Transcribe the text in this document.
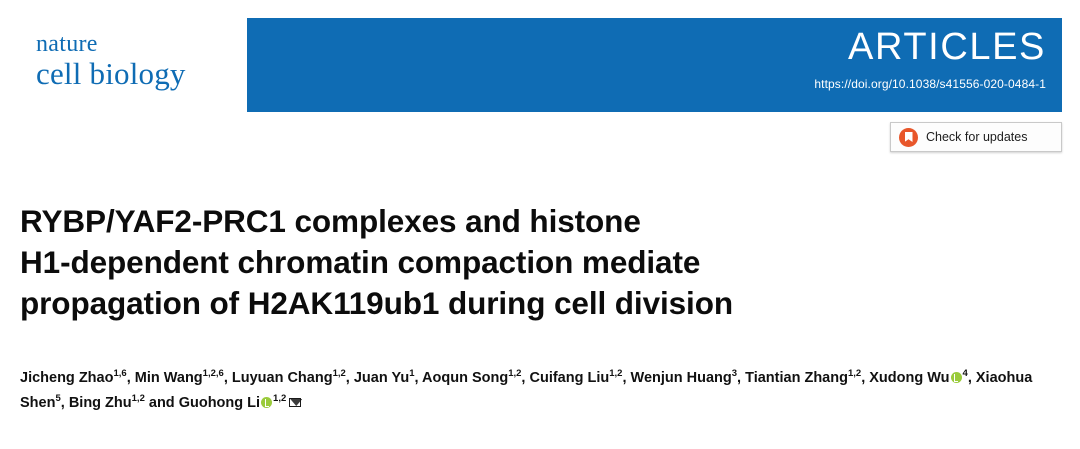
nature
cell biology
ARTICLES
https://doi.org/10.1038/s41556-020-0484-1
Check for updates
RYBP/YAF2-PRC1 complexes and histone
H1-dependent chromatin compaction mediate
propagation of H2AK119ub1 during cell division
Jicheng Zhao$^{1,6}$, Min Wang$^{1,2,6}$, Luyuan Chang$^{1,2}$, Juan Yu$^1$, Aoqun Song$^{1,2}$, Cuifang Liu$^{1,2}$, Wenjun Huang$^3$, Tiantian Zhang$^{1,2}$, Xudong Wu $^4$, Xiaohua Shen$^5$, Bing Zhu$^{1,2}$ and Guohong Li $^{1,2}$
